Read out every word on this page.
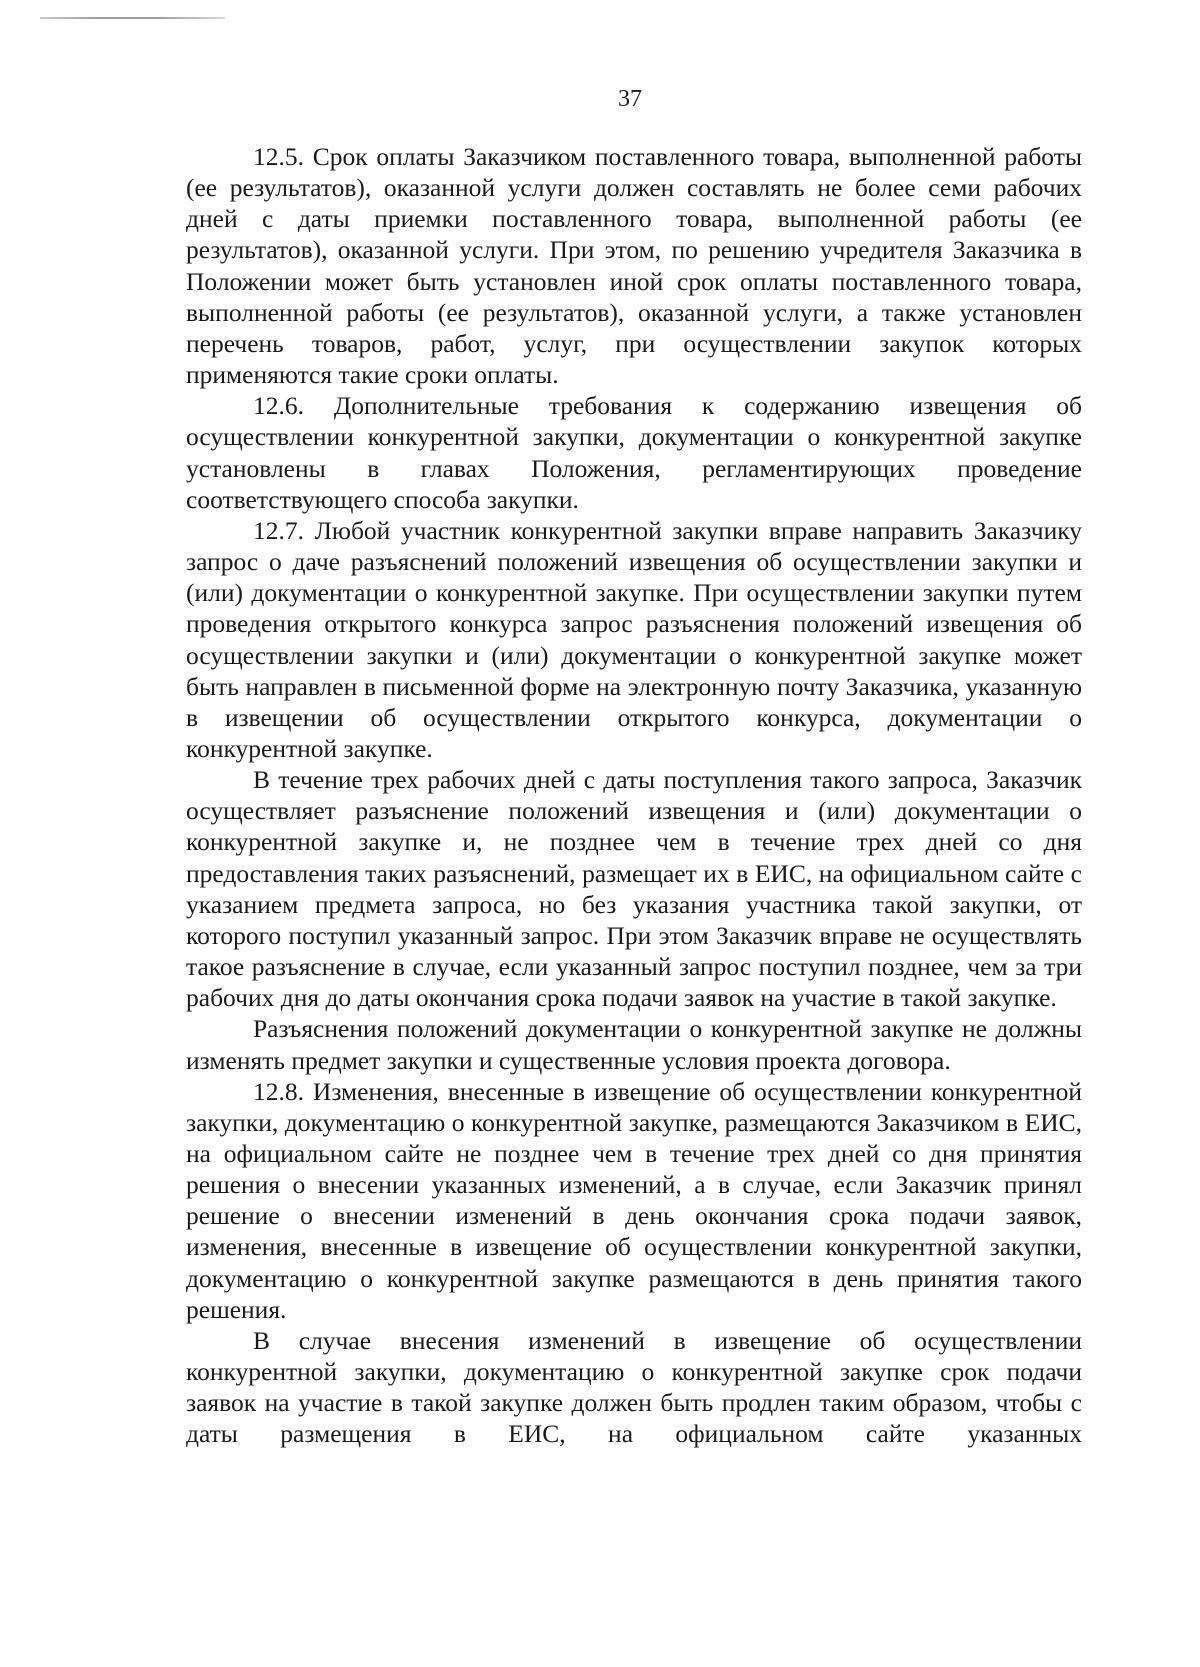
37

12.5. Срок оплаты Заказчиком поставленного товара, выполненной работы (ее результатов), оказанной услуги должен составлять не более семи рабочих дней с даты приемки поставленного товара, выполненной работы (ее результатов), оказанной услуги. При этом, по решению учредителя Заказчика в Положении может быть установлен иной срок оплаты поставленного товара, выполненной работы (ее результатов), оказанной услуги, а также установлен перечень товаров, работ, услуг, при осуществлении закупок которых применяются такие сроки оплаты.

12.6. Дополнительные требования к содержанию извещения об осуществлении конкурентной закупки, документации о конкурентной закупке установлены в главах Положения, регламентирующих проведение соответствующего способа закупки.

12.7. Любой участник конкурентной закупки вправе направить Заказчику запрос о даче разъяснений положений извещения об осуществлении закупки и (или) документации о конкурентной закупке. При осуществлении закупки путем проведения открытого конкурса запрос разъяснения положений извещения об осуществлении закупки и (или) документации о конкурентной закупке может быть направлен в письменной форме на электронную почту Заказчика, указанную в извещении об осуществлении открытого конкурса, документации о конкурентной закупке.

В течение трех рабочих дней с даты поступления такого запроса, Заказчик осуществляет разъяснение положений извещения и (или) документации о конкурентной закупке и, не позднее чем в течение трех дней со дня предоставления таких разъяснений, размещает их в ЕИС, на официальном сайте с указанием предмета запроса, но без указания участника такой закупки, от которого поступил указанный запрос. При этом Заказчик вправе не осуществлять такое разъяснение в случае, если указанный запрос поступил позднее, чем за три рабочих дня до даты окончания срока подачи заявок на участие в такой закупке.

Разъяснения положений документации о конкурентной закупке не должны изменять предмет закупки и существенные условия проекта договора.

12.8. Изменения, внесенные в извещение об осуществлении конкурентной закупки, документацию о конкурентной закупке, размещаются Заказчиком в ЕИС, на официальном сайте не позднее чем в течение трех дней со дня принятия решения о внесении указанных изменений, а в случае, если Заказчик принял решение о внесении изменений в день окончания срока подачи заявок, изменения, внесенные в извещение об осуществлении конкурентной закупки, документацию о конкурентной закупке размещаются в день принятия такого решения.

В случае внесения изменений в извещение об осуществлении конкурентной закупки, документацию о конкурентной закупке срок подачи заявок на участие в такой закупке должен быть продлен таким образом, чтобы с даты размещения в ЕИС, на официальном сайте указанных
